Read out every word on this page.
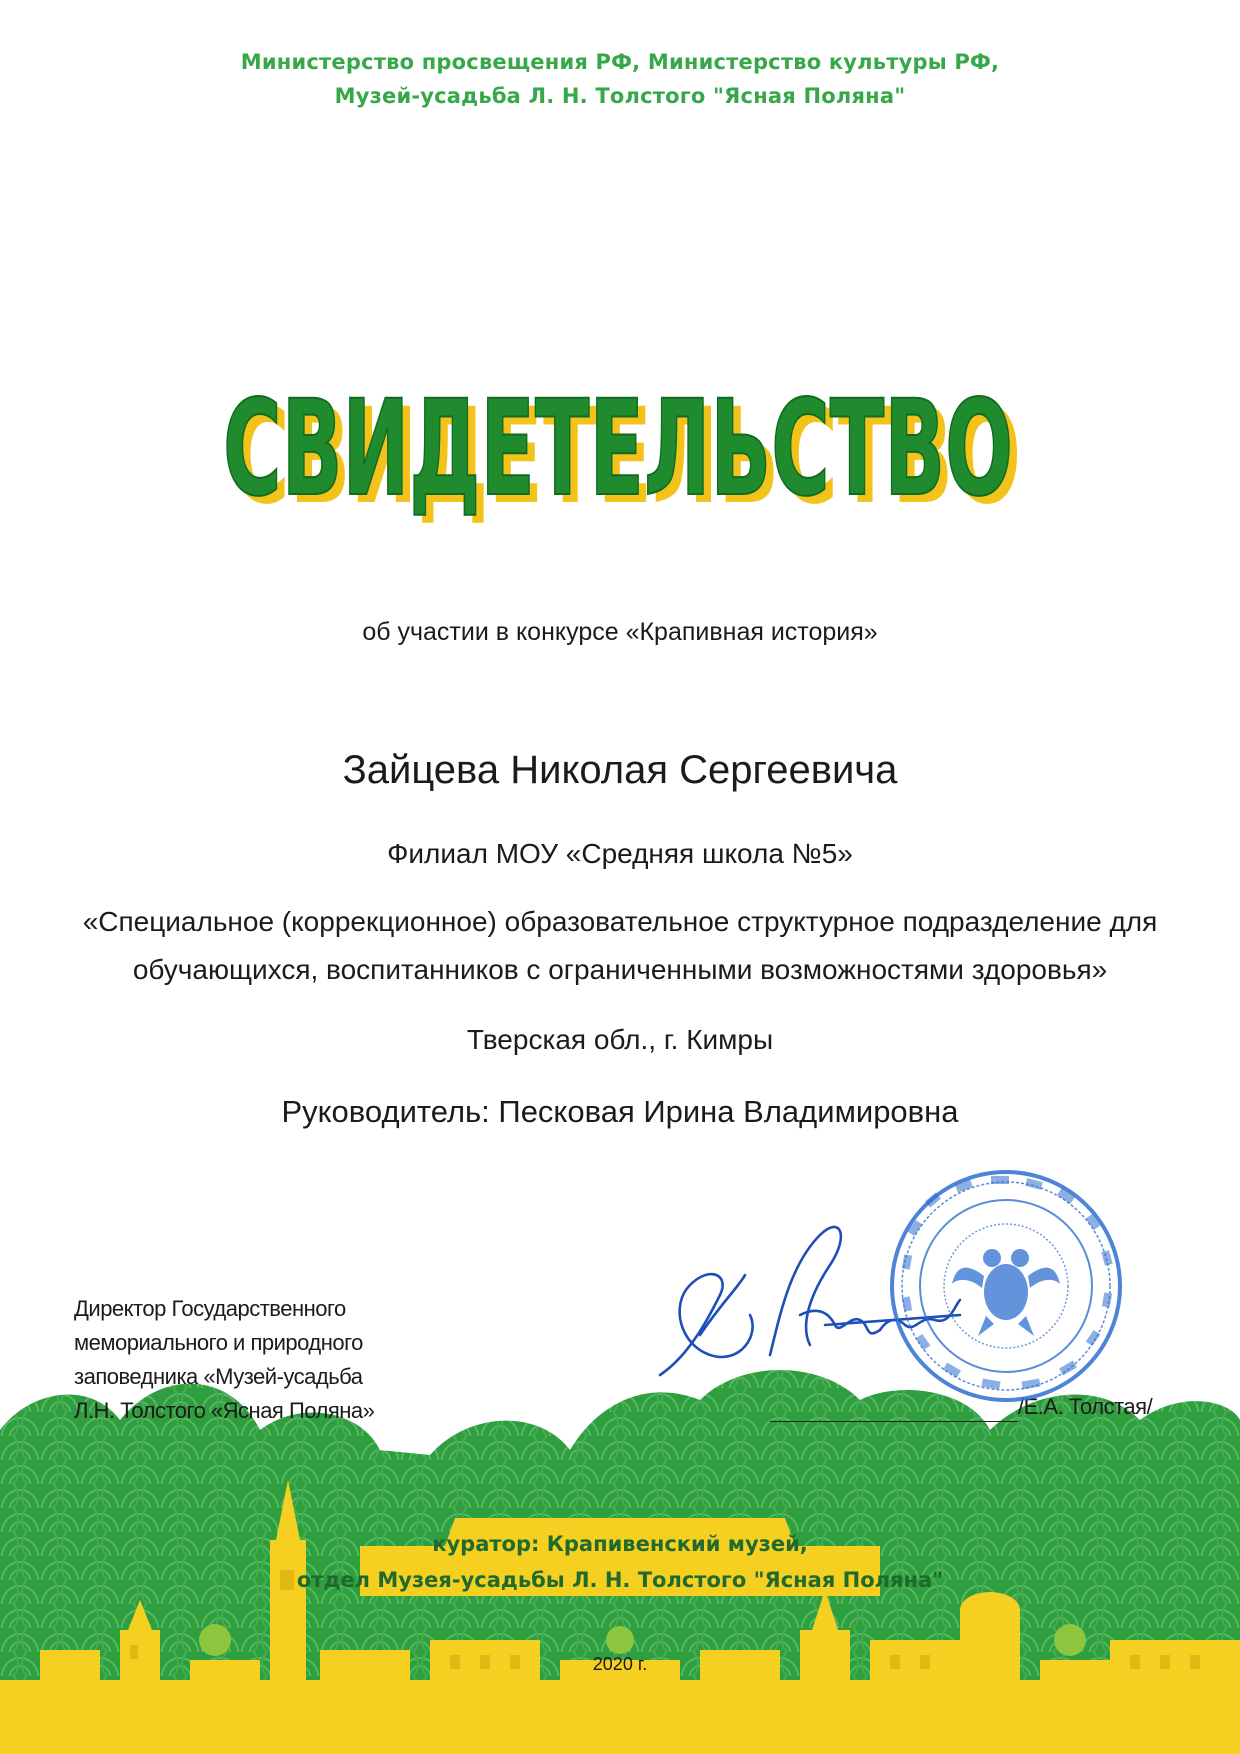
Министерство просвещения РФ, Министерство культуры РФ,
Музей-усадьба Л. Н. Толстого "Ясная Поляна"
СВИДЕТЕЛЬСТВО
СВИДЕТЕЛЬСТВО
об участии в конкурсе «Крапивная история»
Зайцева Николая Сергеевича
Филиал МОУ «Средняя школа №5»
«Специальное (коррекционное) образовательное структурное подразделение для
обучающихся, воспитанников с ограниченными возможностями здоровья»
Тверская обл., г. Кимры
Руководитель: Песковая Ирина Владимировна
куратор: Крапивенский музей,
отдел Музея-усадьбы Л. Н. Толстого "Ясная Поляна"
2020 г.
Директор Государственного
мемориального и природного
заповедника «Музей-усадьба
Л.Н. Толстого «Ясная Поляна»	/Е.А. Толстая/
